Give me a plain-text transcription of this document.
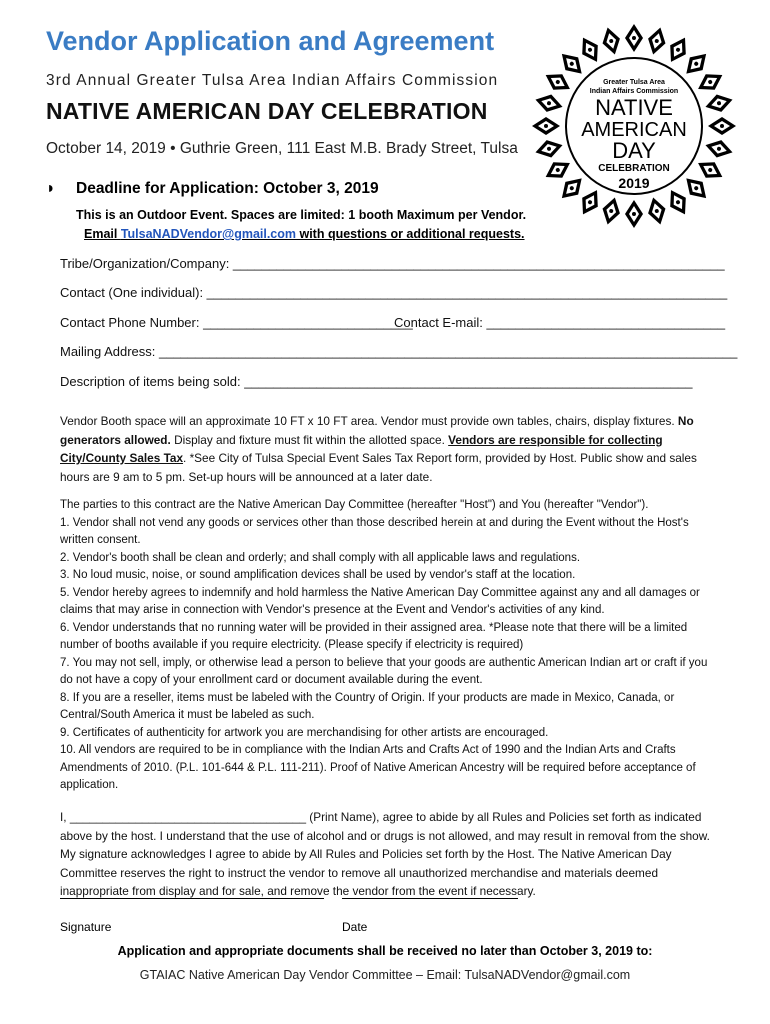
Vendor Application and Agreement
3rd Annual Greater Tulsa Area Indian Affairs Commission
NATIVE AMERICAN DAY CELEBRATION
October 14, 2019 • Guthrie Green, 111 East M.B. Brady Street, Tulsa
Greater Tulsa Area
Indian Affairs Commission
NATIVE
AMERICAN
DAY
CELEBRATION
2019
◗ Deadline for Application: October 3, 2019
This is an Outdoor Event. Spaces are limited: 1 booth Maximum per Vendor.
Email TulsaNADVendor@gmail.com with questions or additional requests.
Tribe/Organization/Company: ____________________________________________________________________
Contact (One individual): ________________________________________________________________________
Contact Phone Number: _____________________________
Contact E-mail: _________________________________
Mailing Address: ________________________________________________________________________________
Description of items being sold: ______________________________________________________________
Vendor Booth space will an approximate 10 FT x 10 FT area. Vendor must provide own tables, chairs, display fixtures. No generators allowed. Display and fixture must fit within the allotted space. Vendors are responsible for collecting City/County Sales Tax. *See City of Tulsa Special Event Sales Tax Report form, provided by Host. Public show and sales hours are 9 am to 5 pm. Set-up hours will be announced at a later date.
The parties to this contract are the Native American Day Committee (hereafter "Host") and You (hereafter "Vendor").
1. Vendor shall not vend any goods or services other than those described herein at and during the Event without the Host's written consent.
2. Vendor's booth shall be clean and orderly; and shall comply with all applicable laws and regulations.
3. No loud music, noise, or sound amplification devices shall be used by vendor's staff at the location.
5. Vendor hereby agrees to indemnify and hold harmless the Native American Day Committee against any and all damages or claims that may arise in connection with Vendor's presence at the Event and Vendor's activities of any kind.
6. Vendor understands that no running water will be provided in their assigned area. *Please note that there will be a limited number of booths available if you require electricity. (Please specify if electricity is required)
7. You may not sell, imply, or otherwise lead a person to believe that your goods are authentic American Indian art or craft if you do not have a copy of your enrollment card or document available during the event.
8. If you are a reseller, items must be labeled with the Country of Origin. If your products are made in Mexico, Canada, or Central/South America it must be labeled as such.
9. Certificates of authenticity for artwork you are merchandising for other artists are encouraged.
10. All vendors are required to be in compliance with the Indian Arts and Crafts Act of 1990 and the Indian Arts and Crafts Amendments of 2010. (P.L. 101-644 & P.L. 111-211). Proof of Native American Ancestry will be required before acceptance of application.
I, ____________________________________ (Print Name), agree to abide by all Rules and Policies set forth as indicated above by the host. I understand that the use of alcohol and or drugs is not allowed, and may result in removal from the show. My signature acknowledges I agree to abide by All Rules and Policies set forth by the Host. The Native American Day Committee reserves the right to instruct the vendor to remove all unauthorized merchandise and materials deemed inappropriate from display and for sale, and remove the vendor from the event if necessary.
Signature	Date
Application and appropriate documents shall be received no later than October 3, 2019 to:
GTAIAC Native American Day Vendor Committee – Email: TulsaNADVendor@gmail.com
